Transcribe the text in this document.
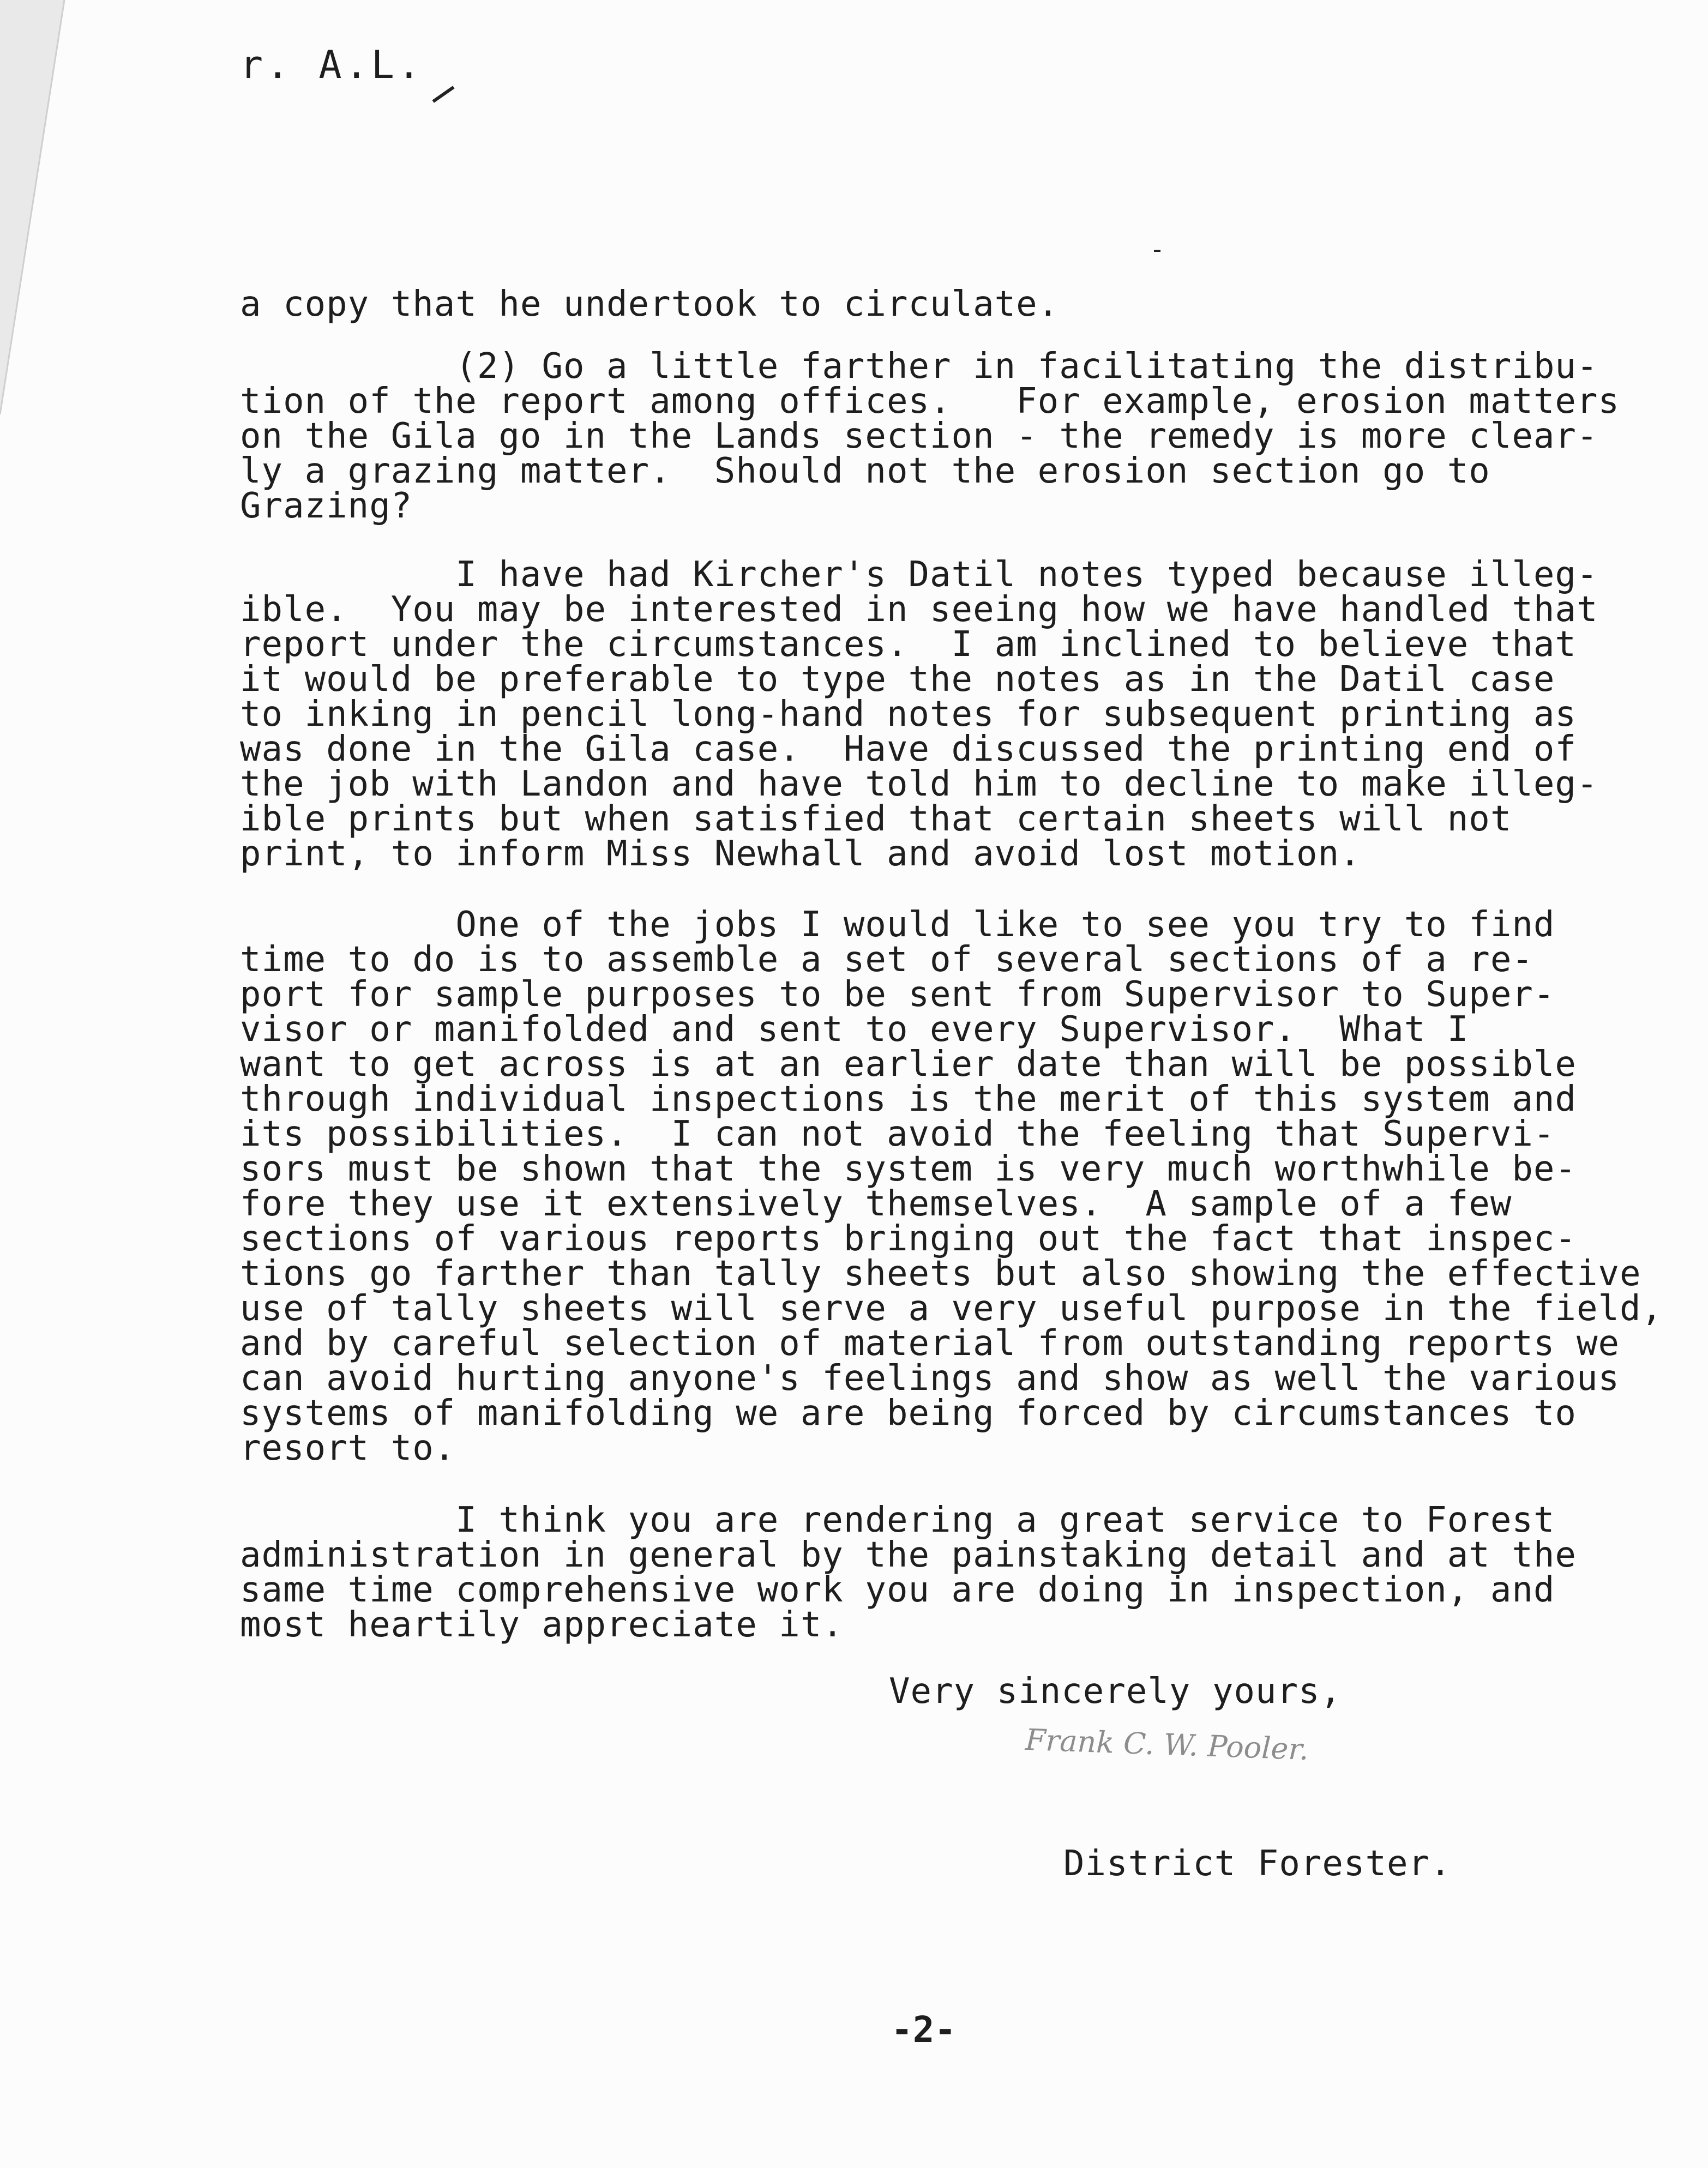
r. A.L.
a copy that he undertook to circulate.
(2) Go a little farther in facilitating the distribu-
tion of the report among offices.   For example, erosion matters
on the Gila go in the Lands section - the remedy is more clear-
ly a grazing matter.  Should not the erosion section go to
Grazing?
I have had Kircher's Datil notes typed because illeg-
ible.  You may be interested in seeing how we have handled that
report under the circumstances.  I am inclined to believe that
it would be preferable to type the notes as in the Datil case
to inking in pencil long-hand notes for subsequent printing as
was done in the Gila case.  Have discussed the printing end of
the job with Landon and have told him to decline to make illeg-
ible prints but when satisfied that certain sheets will not
print, to inform Miss Newhall and avoid lost motion.
One of the jobs I would like to see you try to find
time to do is to assemble a set of several sections of a re-
port for sample purposes to be sent from Supervisor to Super-
visor or manifolded and sent to every Supervisor.  What I
want to get across is at an earlier date than will be possible
through individual inspections is the merit of this system and
its possibilities.  I can not avoid the feeling that Supervi-
sors must be shown that the system is very much worthwhile be-
fore they use it extensively themselves.  A sample of a few
sections of various reports bringing out the fact that inspec-
tions go farther than tally sheets but also showing the effective
use of tally sheets will serve a very useful purpose in the field,
and by careful selection of material from outstanding reports we
can avoid hurting anyone's feelings and show as well the various
systems of manifolding we are being forced by circumstances to
resort to.
I think you are rendering a great service to Forest
administration in general by the painstaking detail and at the
same time comprehensive work you are doing in inspection, and
most heartily appreciate it.
Very sincerely yours,
Frank C. W. Pooler.
District Forester.
-2-
